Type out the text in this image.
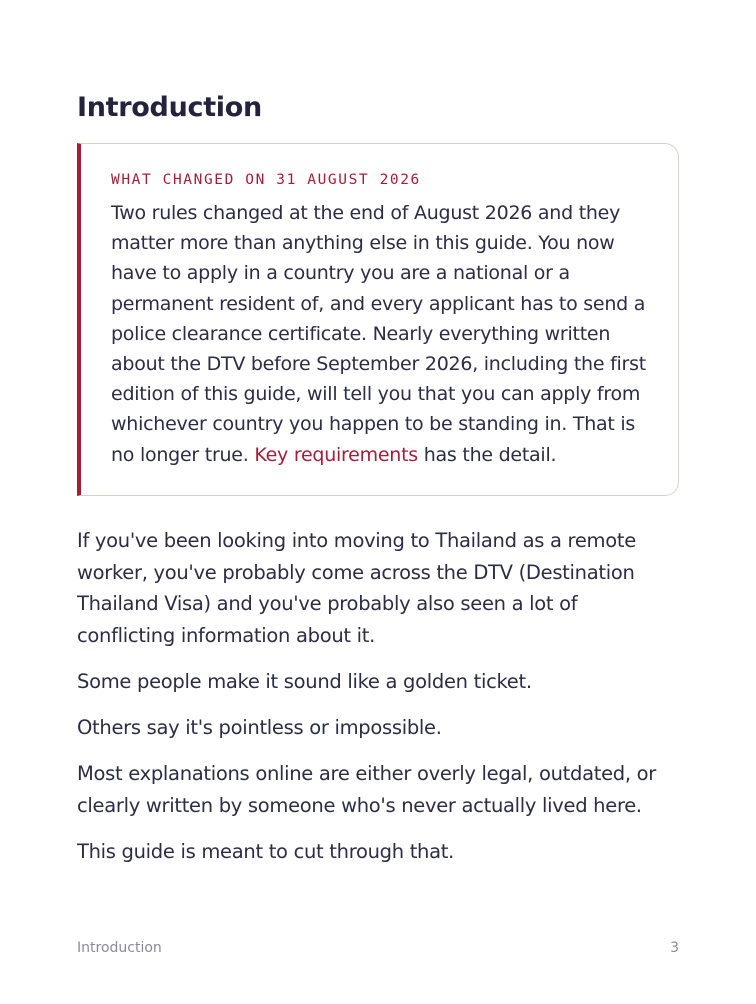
Introduction
WHAT CHANGED ON 31 AUGUST 2026

Two rules changed at the end of August 2026 and they matter more than anything else in this guide. You now have to apply in a country you are a national or a permanent resident of, and every applicant has to send a police clearance certificate. Nearly everything written about the DTV before September 2026, including the first edition of this guide, will tell you that you can apply from whichever country you happen to be standing in. That is no longer true. Key requirements has the detail.

If you've been looking into moving to Thailand as a remote worker, you've probably come across the DTV (Destination Thailand Visa) and you've probably also seen a lot of conflicting information about it.

Some people make it sound like a golden ticket.

Others say it's pointless or impossible.

Most explanations online are either overly legal, outdated, or clearly written by someone who's never actually lived here.

This guide is meant to cut through that.

Introduction	3
